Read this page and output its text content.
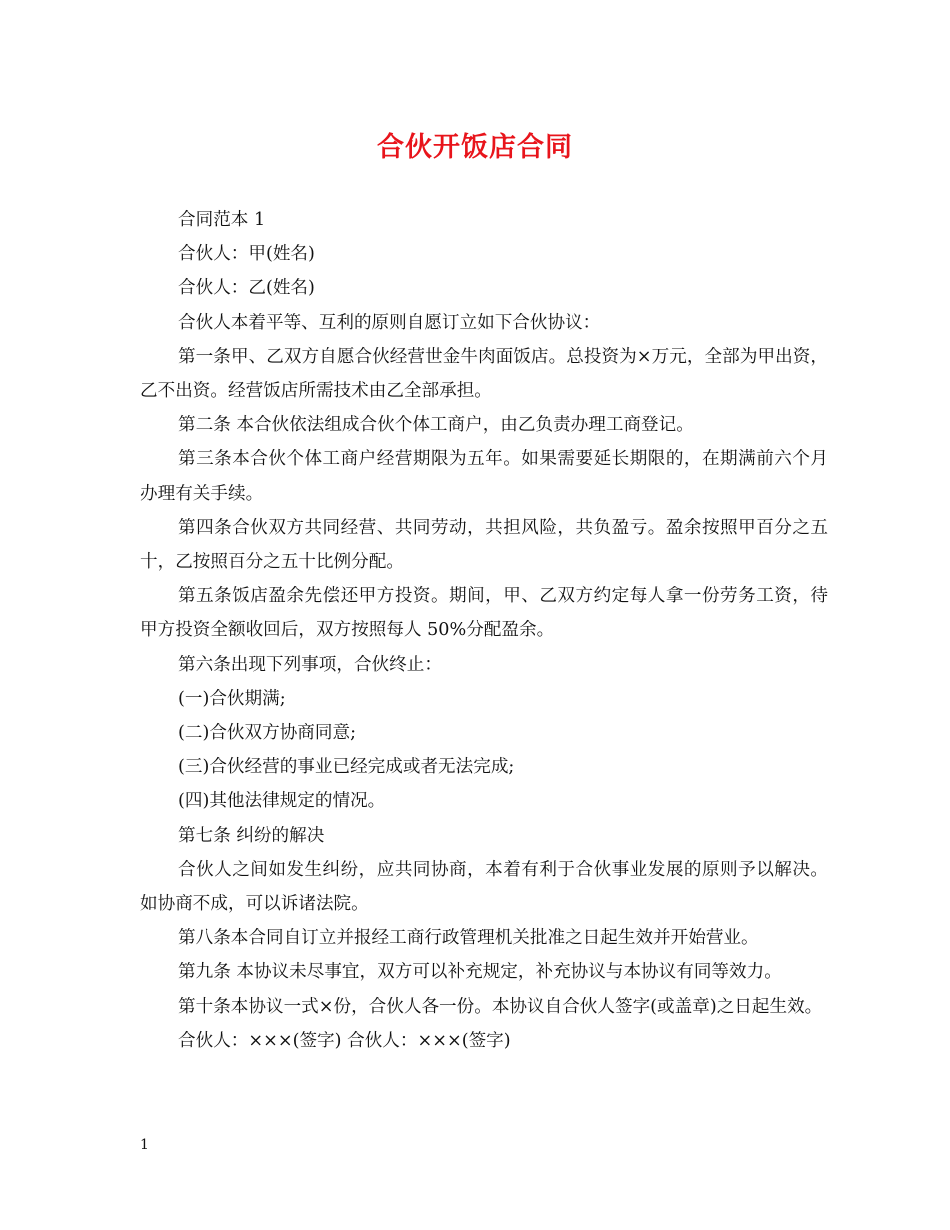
合伙开饭店合同

合同范本 1

合伙人：甲(姓名)

合伙人：乙(姓名)

合伙人本着平等、互利的原则自愿订立如下合伙协议：

第一条甲、乙双方自愿合伙经营世金牛肉面饭店。总投资为×万元，全部为甲出资，乙不出资。经营饭店所需技术由乙全部承担。

第二条 本合伙依法组成合伙个体工商户，由乙负责办理工商登记。

第三条本合伙个体工商户经营期限为五年。如果需要延长期限的，在期满前六个月办理有关手续。

第四条合伙双方共同经营、共同劳动，共担风险，共负盈亏。盈余按照甲百分之五十，乙按照百分之五十比例分配。

第五条饭店盈余先偿还甲方投资。期间，甲、乙双方约定每人拿一份劳务工资，待甲方投资全额收回后，双方按照每人 50%分配盈余。

第六条出现下列事项，合伙终止：

(一)合伙期满;

(二)合伙双方协商同意;

(三)合伙经营的事业已经完成或者无法完成;

(四)其他法律规定的情况。

第七条 纠纷的解决

合伙人之间如发生纠纷，应共同协商，本着有利于合伙事业发展的原则予以解决。如协商不成，可以诉诸法院。

第八条本合同自订立并报经工商行政管理机关批准之日起生效并开始营业。

第九条 本协议未尽事宜，双方可以补充规定，补充协议与本协议有同等效力。

第十条本协议一式×份，合伙人各一份。本协议自合伙人签字(或盖章)之日起生效。

合伙人：×××(签字) 合伙人：×××(签字)

1
